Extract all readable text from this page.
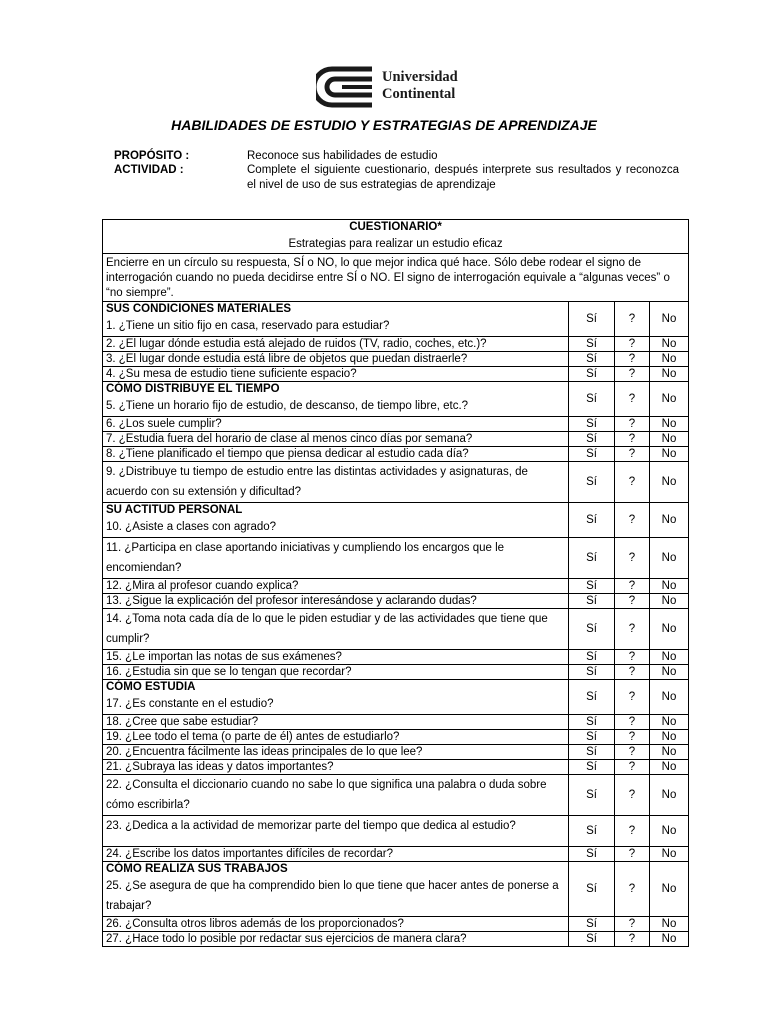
Universidad
Continental
HABILIDADES DE ESTUDIO Y ESTRATEGIAS DE APRENDIZAJE
PROPÓSITO :	Reconoce sus habilidades de estudio
ACTIVIDAD :	Complete el siguiente cuestionario, después interprete sus resultados y reconozca el nivel de uso de sus estrategias de aprendizaje
CUESTIONARIO*
Estrategias para realizar un estudio eficaz			

Encierre en un círculo su respuesta, SÍ o NO, lo que mejor indica qué hace. Sólo debe rodear el signo de interrogación cuando no pueda decidirse entre SÍ o NO. El signo de interrogación equivale a “algunas veces” o “no siempre”.			

SUS CONDICIONES MATERIALES
1. ¿Tiene un sitio fijo en casa, reservado para estudiar?	Sí	?	No

2. ¿El lugar dónde estudia está alejado de ruidos (TV, radio, coches, etc.)?	Sí	?	No

3. ¿El lugar donde estudia está libre de objetos que puedan distraerle?	Sí	?	No

4. ¿Su mesa de estudio tiene suficiente espacio?	Sí	?	No

CÓMO DISTRIBUYE EL TIEMPO
5. ¿Tiene un horario fijo de estudio, de descanso, de tiempo libre, etc.?	Sí	?	No

6. ¿Los suele cumplir?	Sí	?	No

7. ¿Estudia fuera del horario de clase al menos cinco días por semana?	Sí	?	No

8. ¿Tiene planificado el tiempo que piensa dedicar al estudio cada día?	Sí	?	No

9. ¿Distribuye tu tiempo de estudio entre las distintas actividades y asignaturas, de acuerdo con su extensión y dificultad?	Sí	?	No

SU ACTITUD PERSONAL
10. ¿Asiste a clases con agrado?	Sí	?	No

11. ¿Participa en clase aportando iniciativas y cumpliendo los encargos que le encomiendan?	Sí	?	No

12. ¿Mira al profesor cuando explica?	Sí	?	No

13. ¿Sigue la explicación del profesor interesándose y aclarando dudas?	Sí	?	No

14. ¿Toma nota cada día de lo que le piden estudiar y de las actividades que tiene que cumplir?	Sí	?	No

15. ¿Le importan las notas de sus exámenes?	Sí	?	No

16. ¿Estudia sin que se lo tengan que recordar?	Sí	?	No

CÓMO ESTUDIA
17. ¿Es constante en el estudio?	Sí	?	No

18. ¿Cree que sabe estudiar?	Sí	?	No

19. ¿Lee todo el tema (o parte de él) antes de estudiarlo?	Sí	?	No

20. ¿Encuentra fácilmente las ideas principales de lo que lee?	Sí	?	No

21. ¿Subraya las ideas y datos importantes?	Sí	?	No

22. ¿Consulta el diccionario cuando no sabe lo que significa una palabra o duda sobre cómo escribirla?	Sí	?	No

23. ¿Dedica a la actividad de memorizar parte del tiempo que dedica al estudio?	Sí	?	No

24. ¿Escribe los datos importantes difíciles de recordar?	Sí	?	No

CÓMO REALIZA SUS TRABAJOS
25. ¿Se asegura de que ha comprendido bien lo que tiene que hacer antes de ponerse a trabajar?	Sí	?	No

26. ¿Consulta otros libros además de los proporcionados?	Sí	?	No

27. ¿Hace todo lo posible por redactar sus ejercicios de manera clara?	Sí	?	No
